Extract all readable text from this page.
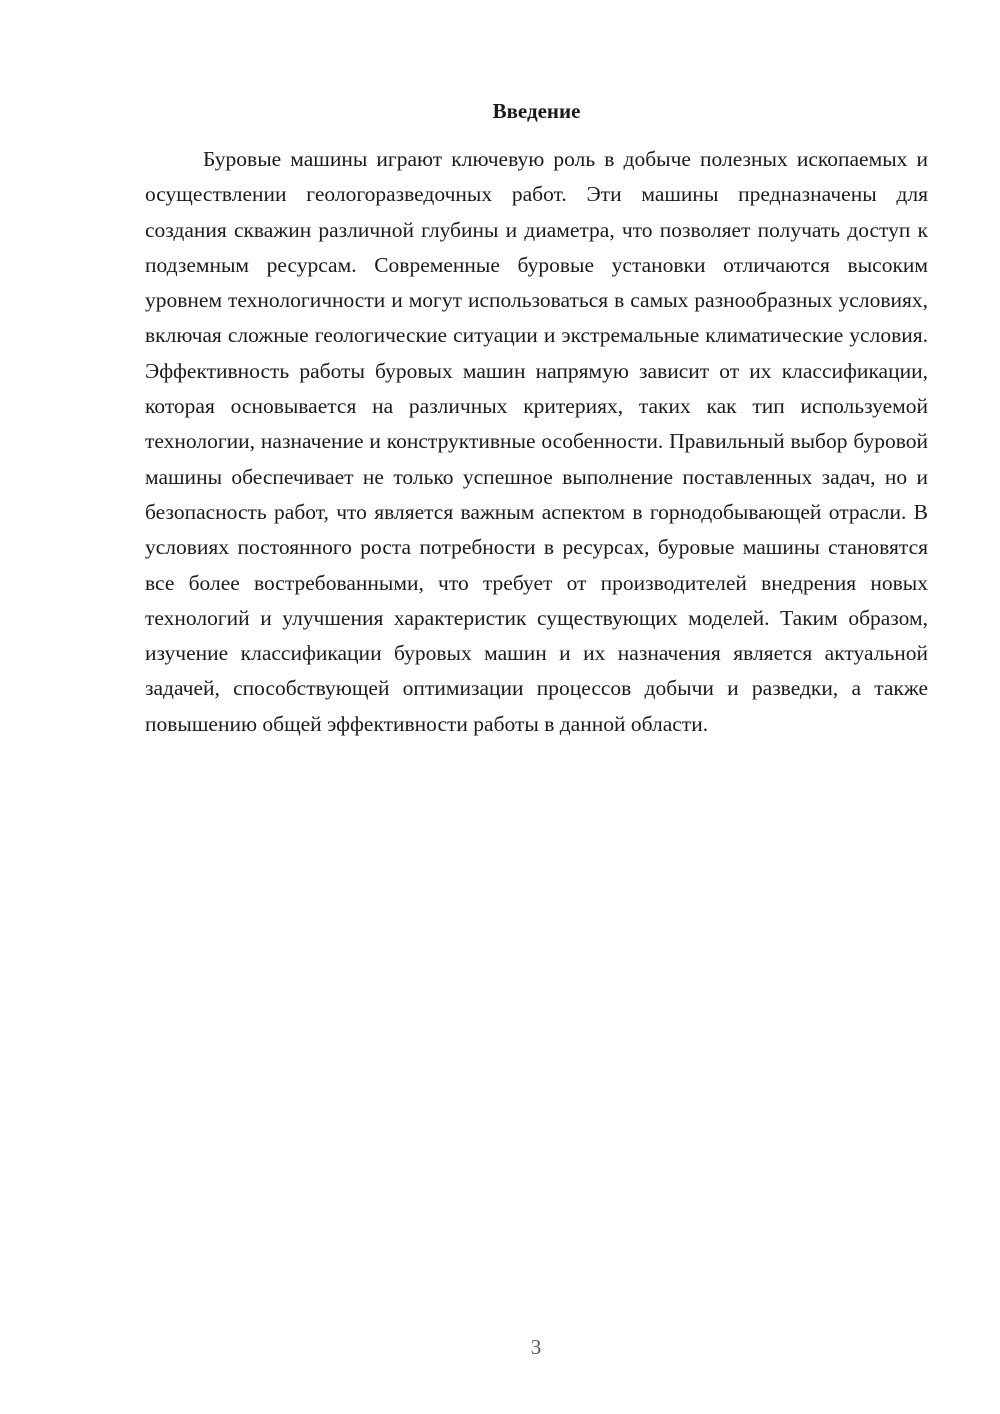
Введение

Буровые машины играют ключевую роль в добыче полезных ископаемых и осуществлении геологоразведочных работ. Эти машины предназначены для создания скважин различной глубины и диаметра, что позволяет получать доступ к подземным ресурсам. Современные буровые установки отличаются высоким уровнем технологичности и могут использоваться в самых разнообразных условиях, включая сложные геологические ситуации и экстремальные климатические условия. Эффективность работы буровых машин напрямую зависит от их классификации, которая основывается на различных критериях, таких как тип используемой технологии, назначение и конструктивные особенности. Правильный выбор буровой машины обеспечивает не только успешное выполнение поставленных задач, но и безопасность работ, что является важным аспектом в горнодобывающей отрасли. В условиях постоянного роста потребности в ресурсах, буровые машины становятся все более востребованными, что требует от производителей внедрения новых технологий и улучшения характеристик существующих моделей. Таким образом, изучение классификации буровых машин и их назначения является актуальной задачей, способствующей оптимизации процессов добычи и разведки, а также повышению общей эффективности работы в данной области.

3
